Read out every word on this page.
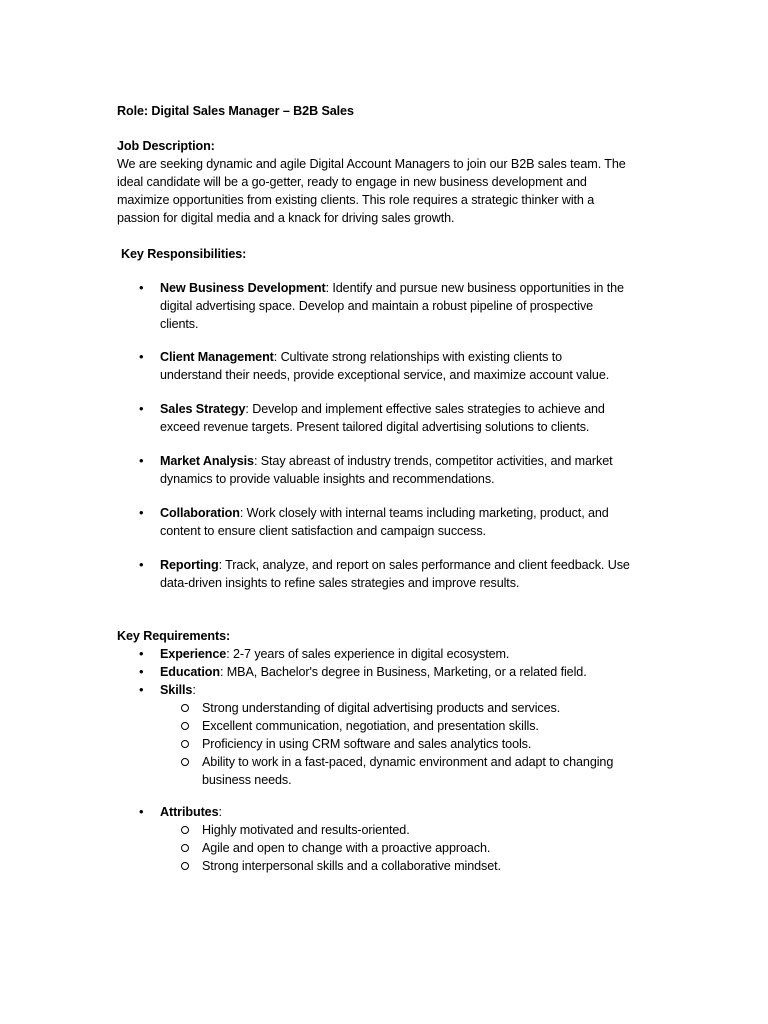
Role: Digital Sales Manager – B2B Sales
Job Description:
We are seeking dynamic and agile Digital Account Managers to join our B2B sales team. The
ideal candidate will be a go-getter, ready to engage in new business development and
maximize opportunities from existing clients. This role requires a strategic thinker with a
passion for digital media and a knack for driving sales growth.
Key Responsibilities:
• New Business Development: Identify and pursue new business opportunities in the
digital advertising space. Develop and maintain a robust pipeline of prospective
clients.
• Client Management: Cultivate strong relationships with existing clients to
understand their needs, provide exceptional service, and maximize account value.
• Sales Strategy: Develop and implement effective sales strategies to achieve and
exceed revenue targets. Present tailored digital advertising solutions to clients.
• Market Analysis: Stay abreast of industry trends, competitor activities, and market
dynamics to provide valuable insights and recommendations.
• Collaboration: Work closely with internal teams including marketing, product, and
content to ensure client satisfaction and campaign success.
• Reporting: Track, analyze, and report on sales performance and client feedback. Use
data-driven insights to refine sales strategies and improve results.
Key Requirements:
• Experience: 2-7 years of sales experience in digital ecosystem.
• Education: MBA, Bachelor's degree in Business, Marketing, or a related field.
• Skills:
Strong understanding of digital advertising products and services.
Excellent communication, negotiation, and presentation skills.
Proficiency in using CRM software and sales analytics tools.
Ability to work in a fast-paced, dynamic environment and adapt to changing
business needs.
• Attributes:
Highly motivated and results-oriented.
Agile and open to change with a proactive approach.
Strong interpersonal skills and a collaborative mindset.
